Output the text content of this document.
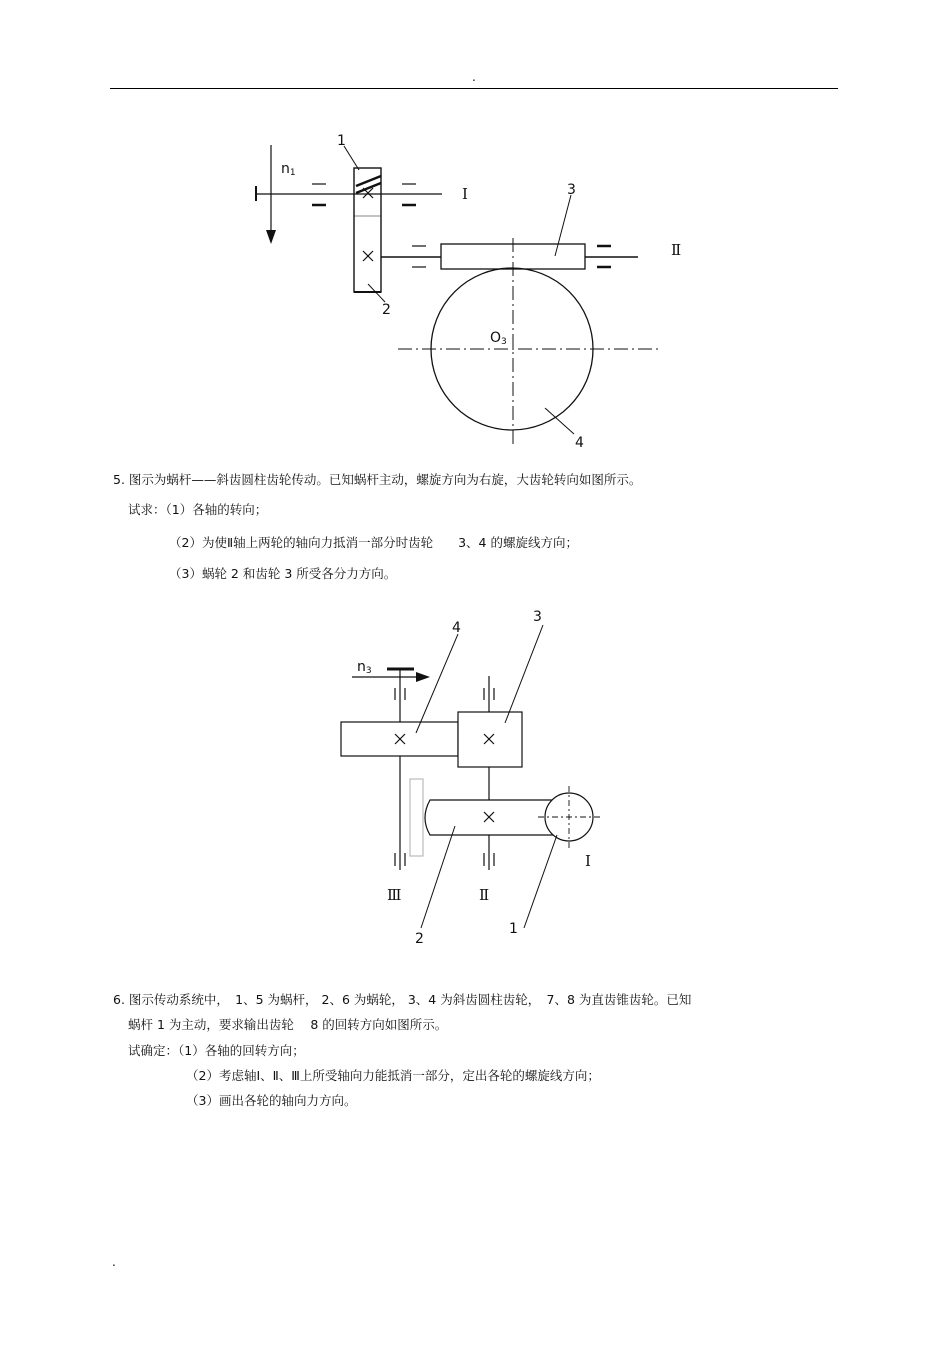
.
.
n1
1
2
3
4
O3
Ⅰ
Ⅱ
5. 图示为蜗杆——斜齿圆柱齿轮传动。已知蜗杆主动，螺旋方向为右旋，大齿轮转向如图所示。
试求：（1）各轴的转向；
（2）为使Ⅱ轴上两轮的轴向力抵消一部分时齿轮　　3、4 的螺旋线方向；
（3）蜗轮 2 和齿轮 3 所受各分力方向。
n3
4
3
2
1
Ⅰ
Ⅱ
Ⅲ
6. 图示传动系统中，　1、5 为蜗杆， 2、6 为蜗轮， 3、4 为斜齿圆柱齿轮，　7、8 为直齿锥齿轮。已知
蜗杆 1 为主动，要求输出齿轮　 8 的回转方向如图所示。
试确定：（1）各轴的回转方向；
（2）考虑轴Ⅰ、Ⅱ、Ⅲ上所受轴向力能抵消一部分，定出各轮的螺旋线方向；
（3）画出各轮的轴向力方向。
